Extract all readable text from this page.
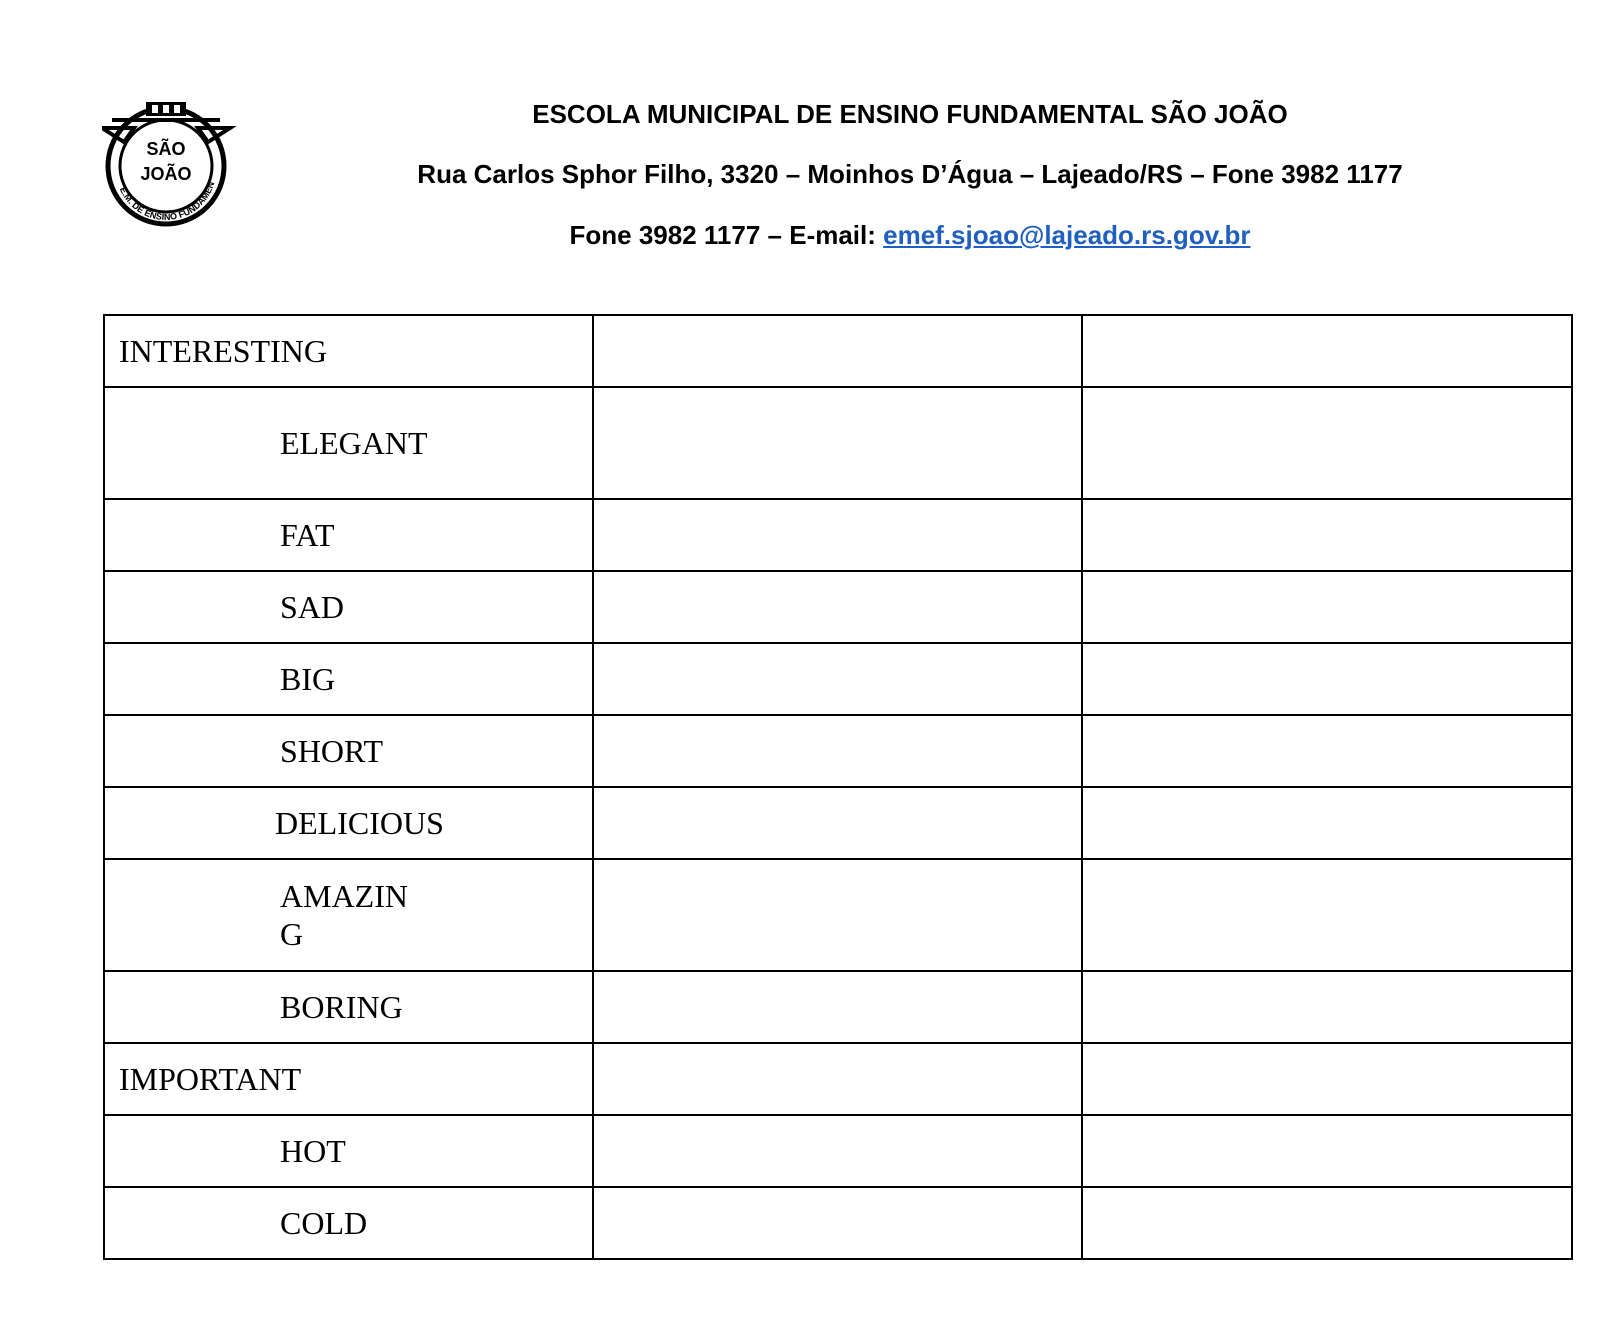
SÃO
JOÃO
E.M. DE ENSINO FUNDAMEN
ESCOLA MUNICIPAL DE ENSINO FUNDAMENTAL SÃO JOÃO
Rua Carlos Sphor Filho, 3320 – Moinhos D’Água – Lajeado/RS – Fone 3982 1177
Fone 3982 1177 – E-mail: emef.sjoao@lajeado.rs.gov.br
INTERESTING		

ELEGANT		

FAT		

SAD		

BIG		

SHORT		

DELICIOUS		

AMAZING		

BORING		

IMPORTANT		

HOT		

COLD		
